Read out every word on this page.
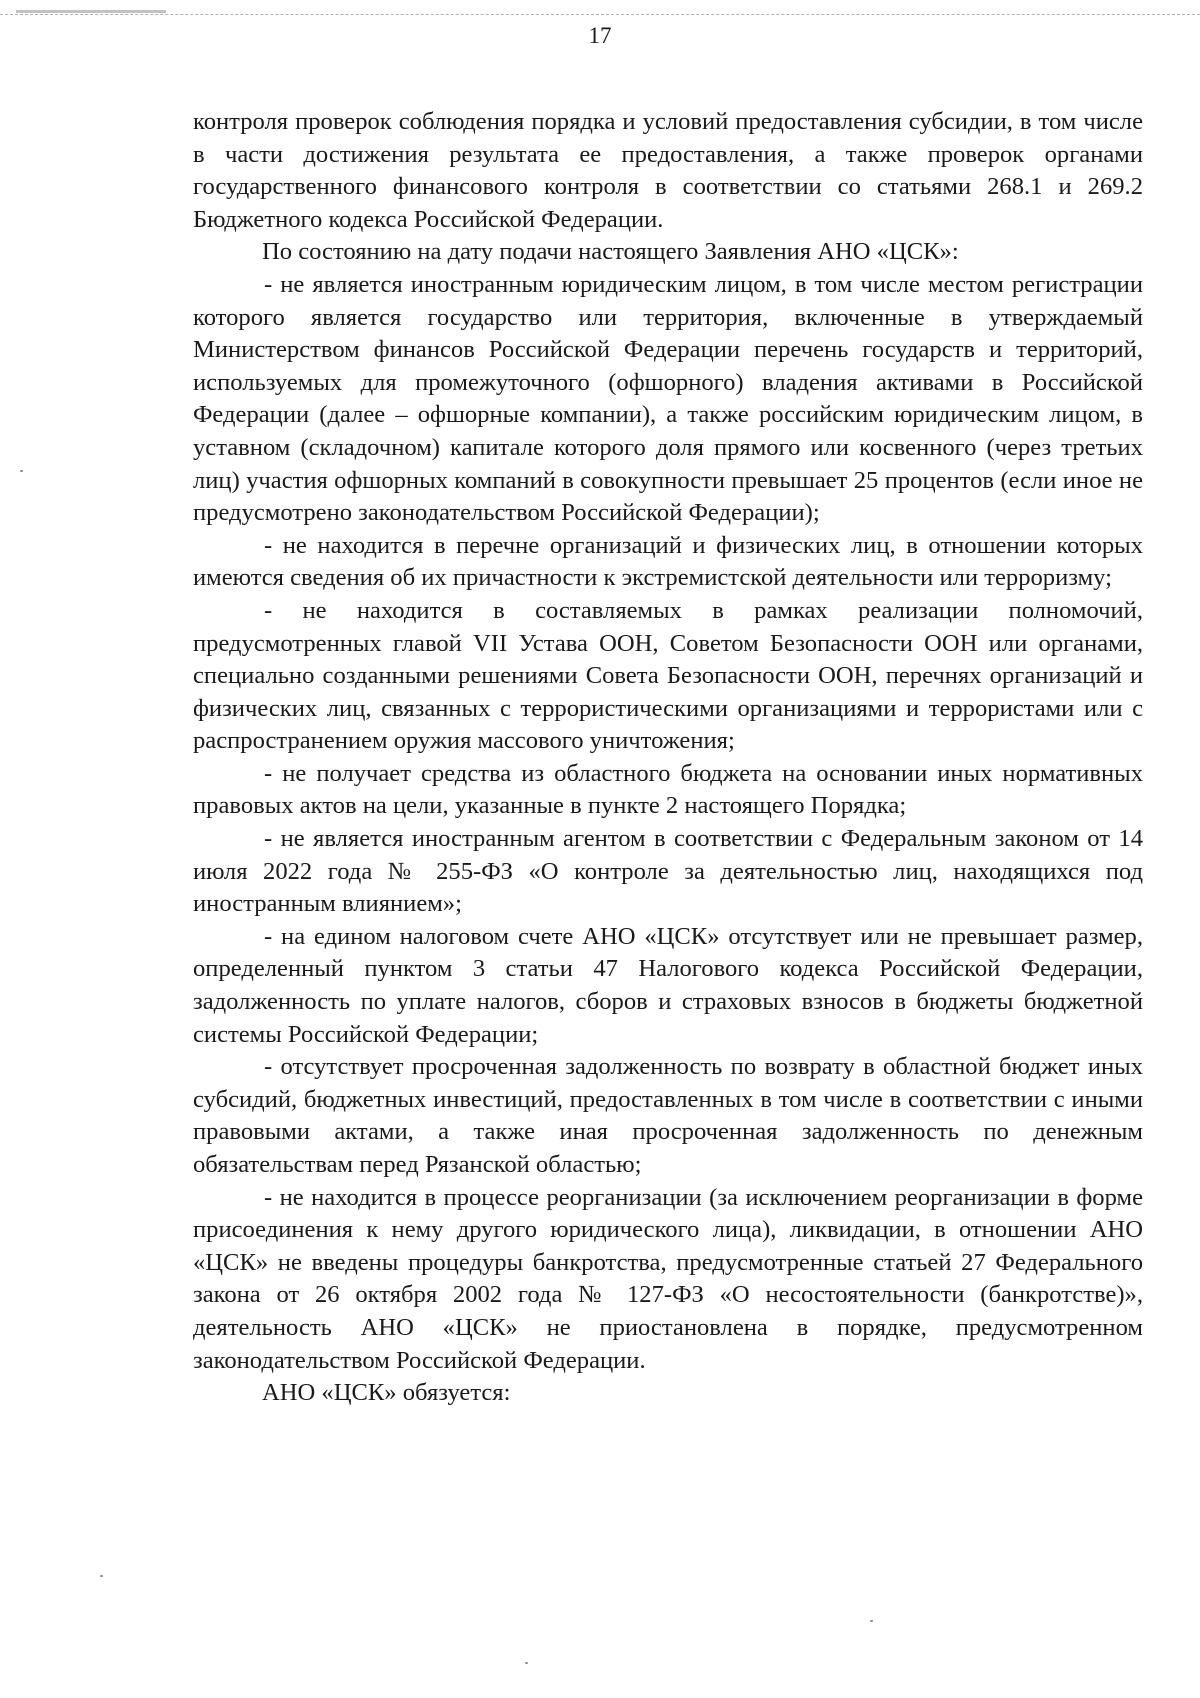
17

контроля проверок соблюдения порядка и условий предоставления субсидии, в том числе в части достижения результата ее предоставления, а также проверок органами государственного финансового контроля в соответствии со статьями 268.1 и 269.2 Бюджетного кодекса Российской Федерации.

По состоянию на дату подачи настоящего Заявления АНО «ЦСК»:

- не является иностранным юридическим лицом, в том числе местом регистрации которого является государство или территория, включенные в утверждаемый Министерством финансов Российской Федерации перечень государств и территорий, используемых для промежуточного (офшорного) владения активами в Российской Федерации (далее – офшорные компании), а также российским юридическим лицом, в уставном (складочном) капитале которого доля прямого или косвенного (через третьих лиц) участия офшорных компаний в совокупности превышает 25 процентов (если иное не предусмотрено законодательством Российской Федерации);

- не находится в перечне организаций и физических лиц, в отношении которых имеются сведения об их причастности к экстремистской деятельности или терроризму;

- не находится в составляемых в рамках реализации полномочий, предусмотренных главой VII Устава ООН, Советом Безопасности ООН или органами, специально созданными решениями Совета Безопасности ООН, перечнях организаций и физических лиц, связанных с террористическими организациями и террористами или с распространением оружия массового уничтожения;

- не получает средства из областного бюджета на основании иных нормативных правовых актов на цели, указанные в пункте 2 настоящего Порядка;

- не является иностранным агентом в соответствии с Федеральным законом от 14 июля 2022 года № 255-ФЗ «О контроле за деятельностью лиц, находящихся под иностранным влиянием»;

- на едином налоговом счете АНО «ЦСК» отсутствует или не превышает размер, определенный пунктом 3 статьи 47 Налогового кодекса Российской Федерации, задолженность по уплате налогов, сборов и страховых взносов в бюджеты бюджетной системы Российской Федерации;

- отсутствует просроченная задолженность по возврату в областной бюджет иных субсидий, бюджетных инвестиций, предоставленных в том числе в соответствии с иными правовыми актами, а также иная просроченная задолженность по денежным обязательствам перед Рязанской областью;

- не находится в процессе реорганизации (за исключением реорганизации в форме присоединения к нему другого юридического лица), ликвидации, в отношении АНО «ЦСК» не введены процедуры банкротства, предусмотренные статьей 27 Федерального закона от 26 октября 2002 года № 127-ФЗ «О несостоятельности (банкротстве)», деятельность АНО «ЦСК» не приостановлена в порядке, предусмотренном законодательством Российской Федерации.

АНО «ЦСК» обязуется:
